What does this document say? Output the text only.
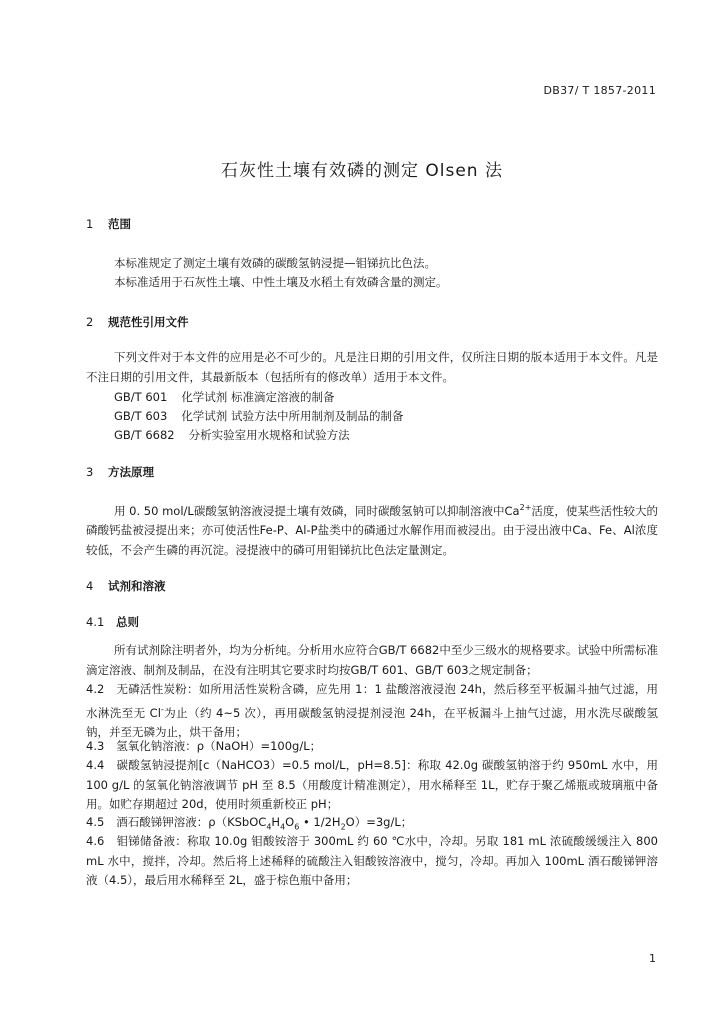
DB37/ T 1857-2011
石灰性土壤有效磷的测定 Olsen 法
1 范围
本标准规定了测定土壤有效磷的碳酸氢钠浸提—钼锑抗比色法。
本标准适用于石灰性土壤、中性土壤及水稻土有效磷含量的测定。
2 规范性引用文件
下列文件对于本文件的应用是必不可少的。凡是注日期的引用文件，仅所注日期的版本适用于本文件。凡是不注日期的引用文件，其最新版本（包括所有的修改单）适用于本文件。
GB/T 601 化学试剂 标准滴定溶液的制备
GB/T 603 化学试剂 试验方法中所用制剂及制品的制备
GB/T 6682 分析实验室用水规格和试验方法
3 方法原理
用 0. 50 mol/L碳酸氢钠溶液浸提土壤有效磷，同时碳酸氢钠可以抑制溶液中$Ca^{2+}$活度，使某些活性较大的磷酸钙盐被浸提出来；亦可使活性Fe-P、Al-P盐类中的磷通过水解作用而被浸出。由于浸出液中Ca、Fe、Al浓度较低，不会产生磷的再沉淀。浸提液中的磷可用钼锑抗比色法定量测定。
4 试剂和溶液
4.1 总则
所有试剂除注明者外，均为分析纯。分析用水应符合GB/T 6682中至少三级水的规格要求。试验中所需标准滴定溶液、制剂及制品，在没有注明其它要求时均按GB/T 601、GB/T 603之规定制备；
4.2 无磷活性炭粉：如所用活性炭粉含磷，应先用 1：1 盐酸溶液浸泡 24h，然后移至平板漏斗抽气过滤，用水淋洗至无 Cl-为止（约 4~5 次），再用碳酸氢钠浸提剂浸泡 24h，在平板漏斗上抽气过滤，用水洗尽碳酸氢钠，并至无磷为止，烘干备用；
4.3 氢氧化钠溶液：ρ（NaOH）=100g/L；
4.4 碳酸氢钠浸提剂[c（NaHCO3）=0.5 mol/L，pH=8.5]：称取 42.0g 碳酸氢钠溶于约 950mL 水中，用 100 g/L 的氢氧化钠溶液调节 pH 至 8.5（用酸度计精准测定），用水稀释至 1L，贮存于聚乙烯瓶或玻璃瓶中备用。如贮存期超过 20d，使用时须重新校正 pH；
4.5 酒石酸锑钾溶液：$\rho(KSbOC_4H_4O_6$ • $1/2H_2O)=3g/L$；
4.6 钼锑储备液：称取 10.0g 钼酸铵溶于 300mL 约 60 ℃水中，冷却。另取 181 mL 浓硫酸缓缓注入 800 mL 水中，搅拌，冷却。然后将上述稀释的硫酸注入钼酸铵溶液中，搅匀，冷却。再加入 100mL 酒石酸锑钾溶液（4.5），最后用水稀释至 2L，盛于棕色瓶中备用；
1
